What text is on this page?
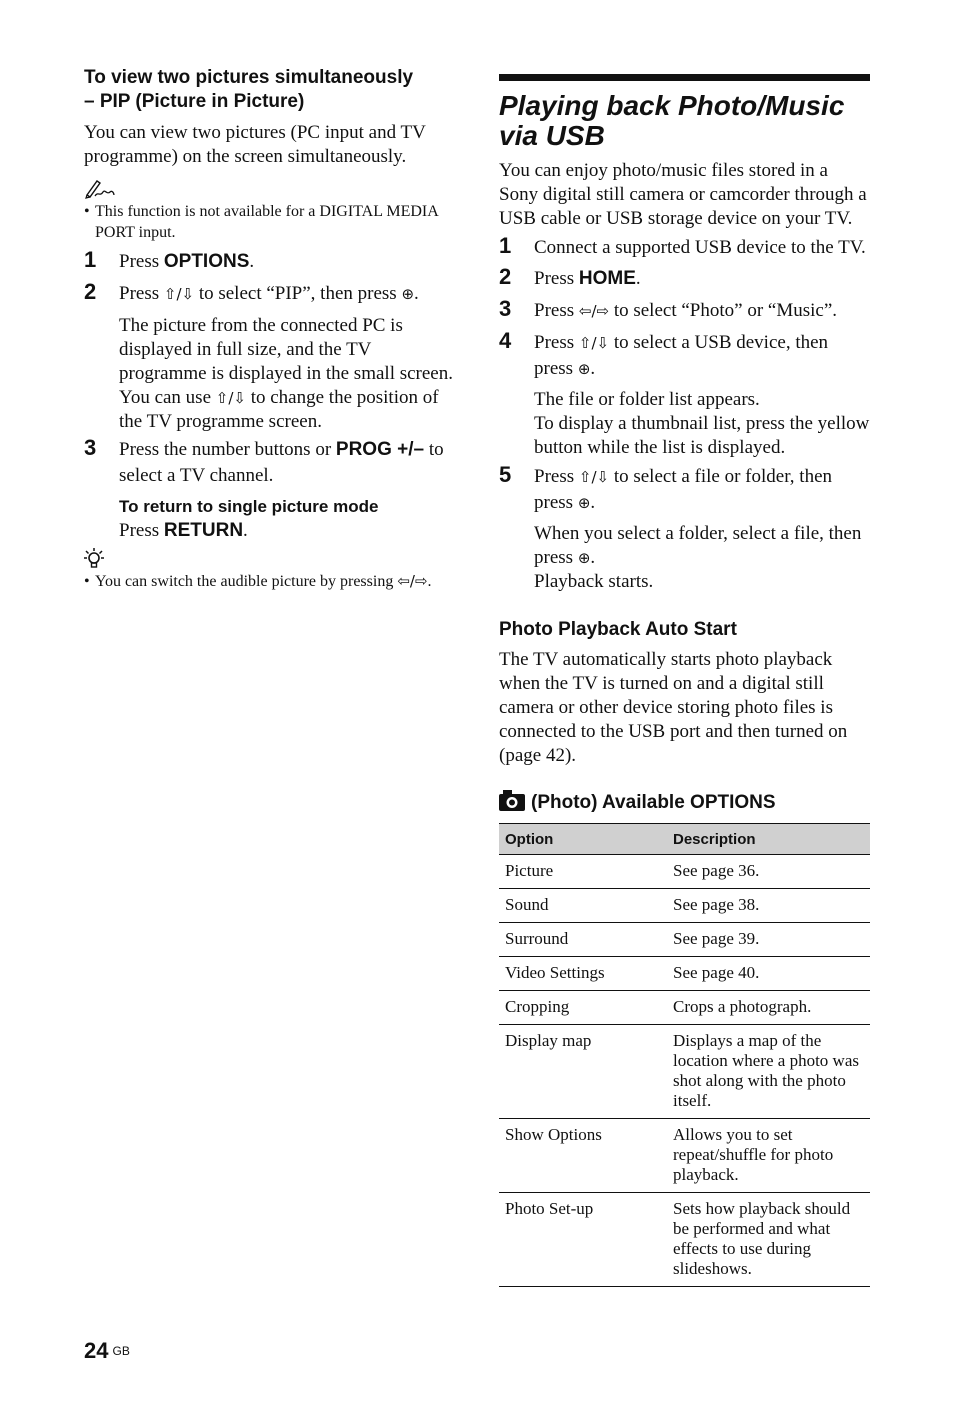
To view two pictures simultaneously

– PIP (Picture in Picture)

You can view two pictures (PC input and TV programme) on the screen simultaneously.

• This function is not available for a DIGITAL MEDIA PORT input.
1 Press OPTIONS.
2 Press ⇧/⇩ to select “PIP”, then press ⊕.
The picture from the connected PC is displayed in full size, and the TV programme is displayed in the small screen.
You can use ⇧/⇩ to change the position of the TV programme screen.
3 Press the number buttons or PROG +/– to select a TV channel.
To return to single picture mode
Press RETURN.
• You can switch the audible picture by pressing ⇦/⇨.

Playing back Photo/Music

via USB

You can enjoy photo/music files stored in a Sony digital still camera or camcorder through a USB cable or USB storage device on your TV.

1 Connect a supported USB device to the TV.
2 Press HOME.
3 Press ⇦/⇨ to select “Photo” or “Music”.
4 Press ⇧/⇩ to select a USB device, then press ⊕.
The file or folder list appears.
To display a thumbnail list, press the yellow button while the list is displayed.
5 Press ⇧/⇩ to select a file or folder, then press ⊕.
When you select a folder, select a file, then press ⊕.
Playback starts.

Photo Playback Auto Start

The TV automatically starts photo playback when the TV is turned on and a digital still camera or other device storing photo files is connected to the USB port and then turned on (page 42).

(Photo) Available OPTIONS

Option	Description
Picture	See page 36.
Sound	See page 38.
Surround	See page 39.
Video Settings	See page 40.
Cropping	Crops a photograph.
Display map	Displays a map of the location where a photo was shot along with the photo itself.
Show Options	Allows you to set repeat/shuffle for photo playback.
Photo Set-up	Sets how playback should be performed and what effects to use during slideshows.
24 GB
